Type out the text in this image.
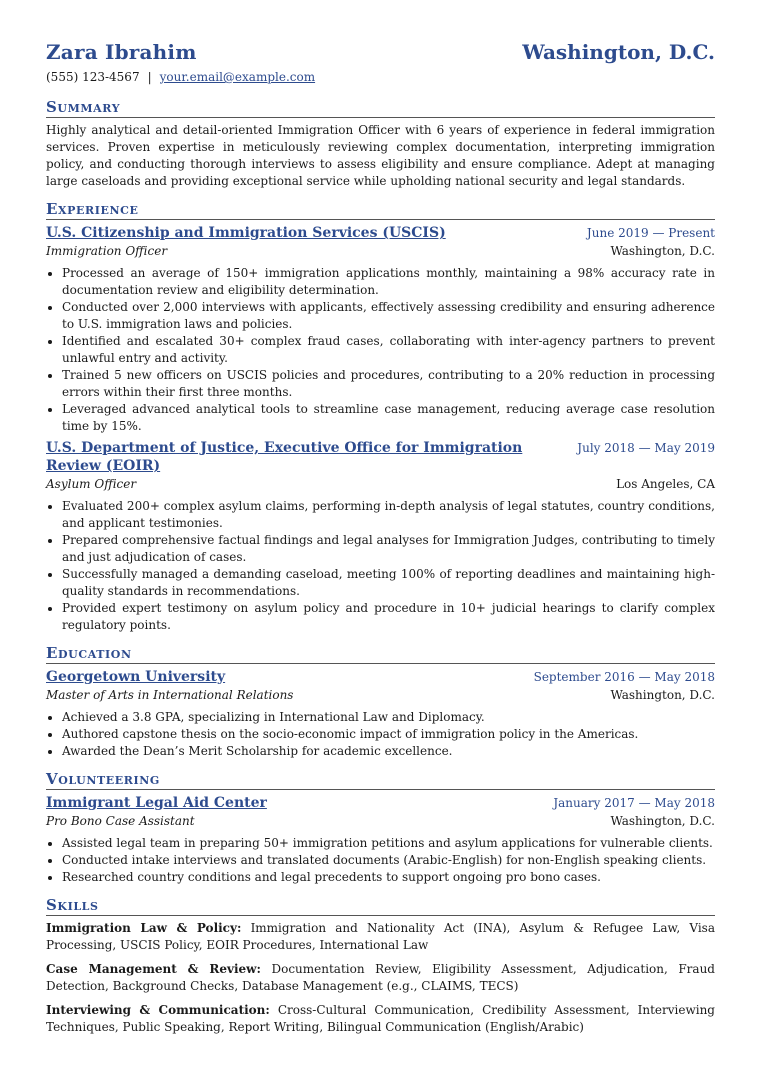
Zara Ibrahim	Washington, D.C.
(555) 123-4567 | your.email@example.com
Summary
Highly analytical and detail-oriented Immigration Officer with 6 years of experience in federal immigration services. Proven expertise in meticulously reviewing complex documentation, interpreting immigration policy, and conducting thorough interviews to assess eligibility and ensure compliance. Adept at managing large caseloads and providing exceptional service while upholding national security and legal standards.
Experience
U.S. Citizenship and Immigration Services (USCIS)	June 2019 — Present
Immigration Officer	Washington, D.C.
• Processed an average of 150+ immigration applications monthly, maintaining a 98% accuracy rate in documentation review and eligibility determination.
• Conducted over 2,000 interviews with applicants, effectively assessing credibility and ensuring adherence to U.S. immigration laws and policies.
• Identified and escalated 30+ complex fraud cases, collaborating with inter-agency partners to prevent unlawful entry and activity.
• Trained 5 new officers on USCIS policies and procedures, contributing to a 20% reduction in processing errors within their first three months.
• Leveraged advanced analytical tools to streamline case management, reducing average case resolution time by 15%.
U.S. Department of Justice, Executive Office for Immigration Review (EOIR)
July 2018 — May 2019
Asylum Officer	Los Angeles, CA
• Evaluated 200+ complex asylum claims, performing in-depth analysis of legal statutes, country conditions, and applicant testimonies.
• Prepared comprehensive factual findings and legal analyses for Immigration Judges, contributing to timely and just adjudication of cases.
• Successfully managed a demanding caseload, meeting 100% of reporting deadlines and maintaining high-quality standards in recommendations.
• Provided expert testimony on asylum policy and procedure in 10+ judicial hearings to clarify complex regulatory points.
Education
Georgetown University	September 2016 — May 2018
Master of Arts in International Relations	Washington, D.C.
• Achieved a 3.8 GPA, specializing in International Law and Diplomacy.
• Authored capstone thesis on the socio-economic impact of immigration policy in the Americas.
• Awarded the Dean’s Merit Scholarship for academic excellence.
Volunteering
Immigrant Legal Aid Center	January 2017 — May 2018
Pro Bono Case Assistant	Washington, D.C.
• Assisted legal team in preparing 50+ immigration petitions and asylum applications for vulnerable clients.
• Conducted intake interviews and translated documents (Arabic-English) for non-English speaking clients.
• Researched country conditions and legal precedents to support ongoing pro bono cases.
Skills
Immigration Law & Policy: Immigration and Nationality Act (INA), Asylum & Refugee Law, Visa Processing, USCIS Policy, EOIR Procedures, International Law
Case Management & Review: Documentation Review, Eligibility Assessment, Adjudication, Fraud Detection, Background Checks, Database Management (e.g., CLAIMS, TECS)
Interviewing & Communication: Cross-Cultural Communication, Credibility Assessment, Interviewing Techniques, Public Speaking, Report Writing, Bilingual Communication (English/Arabic)
